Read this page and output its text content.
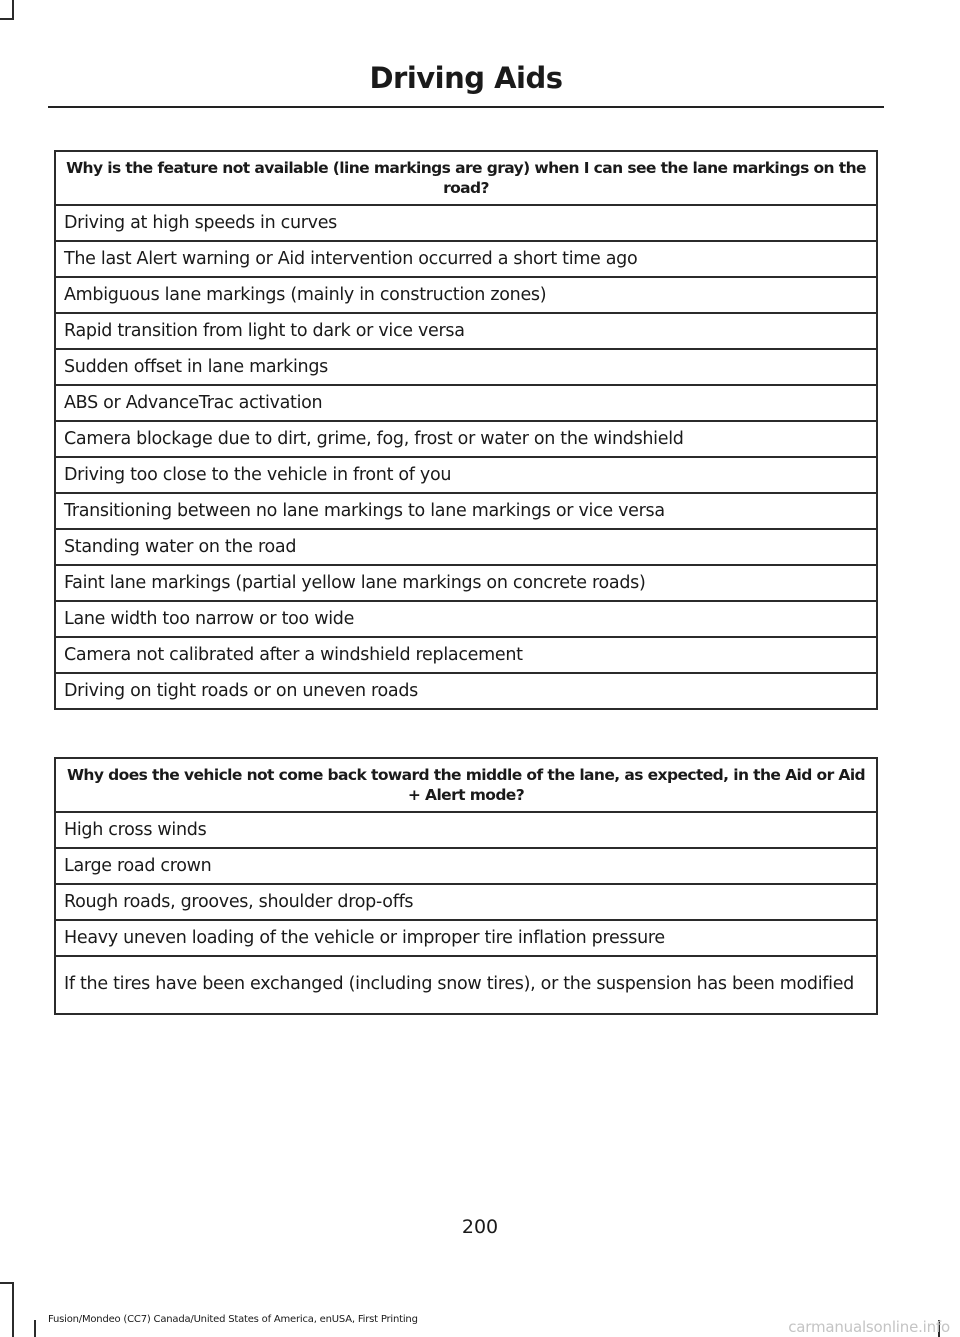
Driving Aids
Why is the feature not available (line markings are gray) when I can see the lane markings on the road?
Driving at high speeds in curves
The last Alert warning or Aid intervention occurred a short time ago
Ambiguous lane markings (mainly in construction zones)
Rapid transition from light to dark or vice versa
Sudden offset in lane markings
ABS or AdvanceTrac activation
Camera blockage due to dirt, grime, fog, frost or water on the windshield
Driving too close to the vehicle in front of you
Transitioning between no lane markings to lane markings or vice versa
Standing water on the road
Faint lane markings (partial yellow lane markings on concrete roads)
Lane width too narrow or too wide
Camera not calibrated after a windshield replacement
Driving on tight roads or on uneven roads
Why does the vehicle not come back toward the middle of the lane, as expected, in the Aid or Aid + Alert mode?
High cross winds
Large road crown
Rough roads, grooves, shoulder drop-offs
Heavy uneven loading of the vehicle or improper tire inflation pressure
If the tires have been exchanged (including snow tires), or the suspension has been modified
200
Fusion/Mondeo (CC7) Canada/United States of America, enUSA, First Printing	carmanualsonline.info
